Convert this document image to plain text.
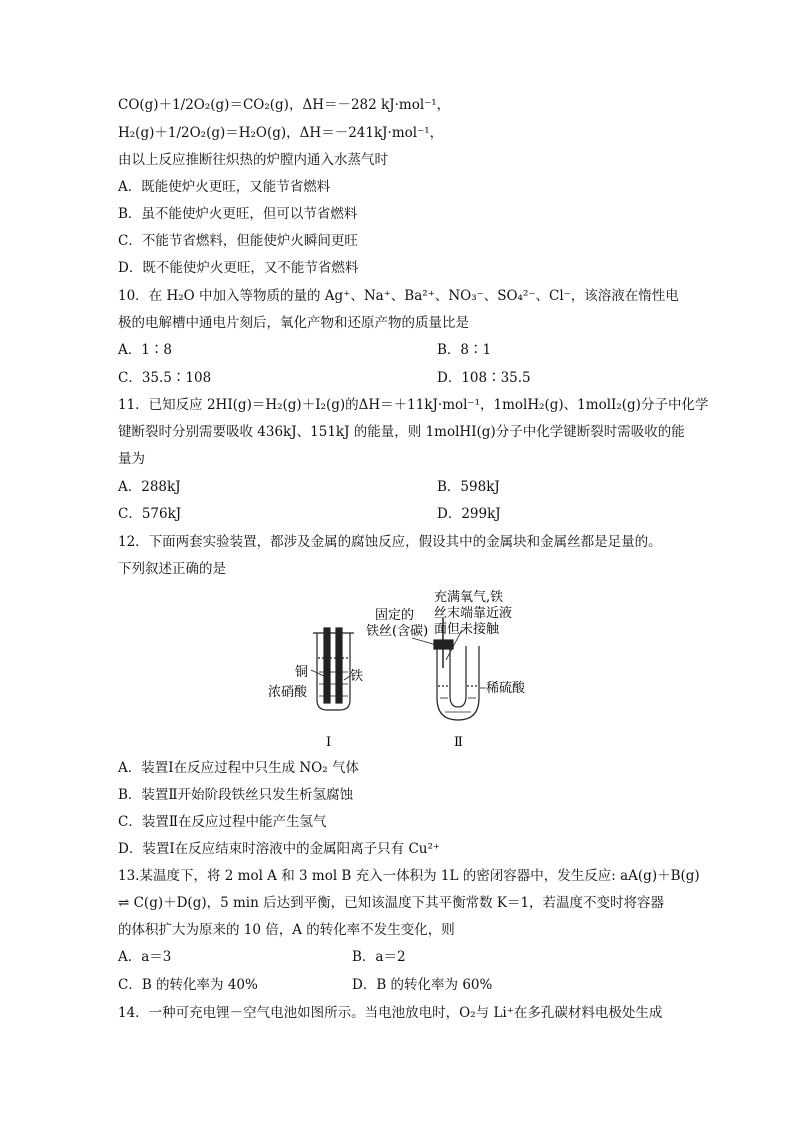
CO(g)＋1/2O₂(g)＝CO₂(g)，ΔH＝－282 kJ·mol⁻¹，
H₂(g)＋1/2O₂(g)＝H₂O(g)，ΔH＝－241kJ·mol⁻¹，
由以上反应推断往炽热的炉膛内通入水蒸气时
A．既能使炉火更旺，又能节省燃料
B．虽不能使炉火更旺，但可以节省燃料
C．不能节省燃料，但能使炉火瞬间更旺
D．既不能使炉火更旺，又不能节省燃料
10．在 H₂O 中加入等物质的量的 Ag⁺、Na⁺、Ba²⁺、NO₃⁻、SO₄²⁻、Cl⁻，该溶液在惰性电
极的电解槽中通电片刻后，氧化产物和还原产物的质量比是
A．1∶8	B．8∶1
C．35.5∶108	D．108∶35.5
11．已知反应 2HI(g)＝H₂(g)＋I₂(g)的ΔH＝＋11kJ·mol⁻¹，1molH₂(g)、1molI₂(g)分子中化学
键断裂时分别需要吸收 436kJ、151kJ 的能量，则 1molHI(g)分子中化学键断裂时需吸收的能
量为
A．288kJ	B．598kJ
C．576kJ	D．299kJ
12．下面两套实验装置，都涉及金属的腐蚀反应，假设其中的金属块和金属丝都是足量的。
下列叙述正确的是
铜	铁
浓硝酸
固定的
铁丝(含碳)
充满氧气,铁
丝末端靠近液
面但未接触
稀硫酸
Ⅰ	Ⅱ
A．装置Ⅰ在反应过程中只生成 NO₂ 气体
B．装置Ⅱ开始阶段铁丝只发生析氢腐蚀
C．装置Ⅱ在反应过程中能产生氢气
D．装置Ⅰ在反应结束时溶液中的金属阳离子只有 Cu²⁺
13.某温度下，将 2 mol A 和 3 mol B 充入一体积为 1L 的密闭容器中，发生反应: aA(g)＋B(g)
⇌ C(g)＋D(g)，5 min 后达到平衡，已知该温度下其平衡常数 K＝1，若温度不变时将容器
的体积扩大为原来的 10 倍，A 的转化率不发生变化，则
A．a＝3	B．a＝2
C．B 的转化率为 40%	D．B 的转化率为 60%
14．一种可充电锂－空气电池如图所示。当电池放电时，O₂与 Li⁺在多孔碳材料电极处生成
